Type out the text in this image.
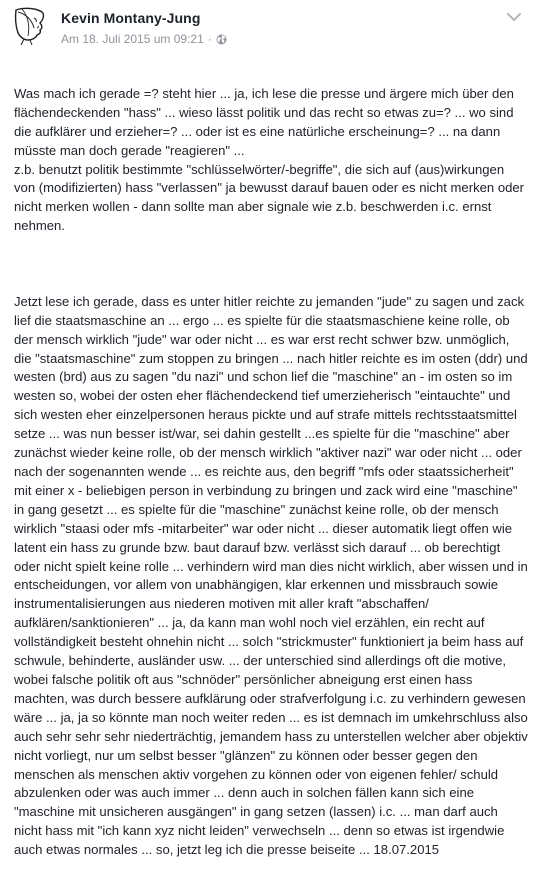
Kevin Montany-Jung
Am 18. Juli 2015 um 09:21 ·

Was mach ich gerade =? steht hier ... ja, ich lese die presse und ärgere mich über den flächendeckenden "hass" ... wieso lässt politik und das recht so etwas zu=? ... wo sind die aufklärer und erzieher=? ... oder ist es eine natürliche erscheinung=? ... na dann müsste man doch gerade "reagieren" ...
z.b. benutzt politik bestimmte "schlüsselwörter/-begriffe", die sich auf (aus)wirkungen von (modifizierten) hass "verlassen" ja bewusst darauf bauen oder es nicht merken oder nicht merken wollen - dann sollte man aber signale wie z.b. beschwerden i.c. ernst nehmen.

Jetzt lese ich gerade, dass es unter hitler reichte zu jemanden "jude" zu sagen und zack lief die staatsmaschine an ... ergo ... es spielte für die staatsmaschiene keine rolle, ob der mensch wirklich "jude" war oder nicht ... es war erst recht schwer bzw. unmöglich, die "staatsmaschine" zum stoppen zu bringen ... nach hitler reichte es im osten (ddr) und westen (brd) aus zu sagen "du nazi" und schon lief die "maschine" an - im osten so im westen so, wobei der osten eher flächendeckend tief umerzieherisch "eintauchte" und sich westen eher einzelpersonen heraus pickte und auf strafe mittels rechtsstaatsmittel setze ... was nun besser ist/war, sei dahin gestellt ...es spielte für die "maschine" aber zunächst wieder keine rolle, ob der mensch wirklich "aktiver nazi" war oder nicht ... oder nach der sogenannten wende ... es reichte aus, den begriff "mfs oder staatssicherheit" mit einer x - beliebigen person in verbindung zu bringen und zack wird eine "maschine" in gang gesetzt ... es spielte für die "maschine" zunächst keine rolle, ob der mensch wirklich "staasi oder mfs -mitarbeiter" war oder nicht ... dieser automatik liegt offen wie latent ein hass zu grunde bzw. baut darauf bzw. verlässt sich darauf ... ob berechtigt oder nicht spielt keine rolle ... verhindern wird man dies nicht wirklich, aber wissen und in entscheidungen, vor allem von unabhängigen, klar erkennen und missbrauch sowie instrumentalisierungen aus niederen motiven mit aller kraft "abschaffen/ aufklären/sanktionieren" ... ja, da kann man wohl noch viel erzählen, ein recht auf vollständigkeit besteht ohnehin nicht ... solch "strickmuster" funktioniert ja beim hass auf schwule, behinderte, ausländer usw. ... der unterschied sind allerdings oft die motive, wobei falsche politik oft aus "schnöder" persönlicher abneigung erst einen hass machten, was durch bessere aufklärung oder strafverfolgung i.c. zu verhindern gewesen wäre ... ja, ja so könnte man noch weiter reden ... es ist demnach im umkehrschluss also auch sehr sehr sehr niederträchtig, jemandem hass zu unterstellen welcher aber objektiv nicht vorliegt, nur um selbst besser "glänzen" zu können oder besser gegen den menschen als menschen aktiv vorgehen zu können oder von eigenen fehler/ schuld abzulenken oder was auch immer ... denn auch in solchen fällen kann sich eine "maschine mit unsicheren ausgängen" in gang setzen (lassen) i.c. ... man darf auch nicht hass mit "ich kann xyz nicht leiden" verwechseln ... denn so etwas ist irgendwie auch etwas normales ... so, jetzt leg ich die presse beiseite ... 18.07.2015
